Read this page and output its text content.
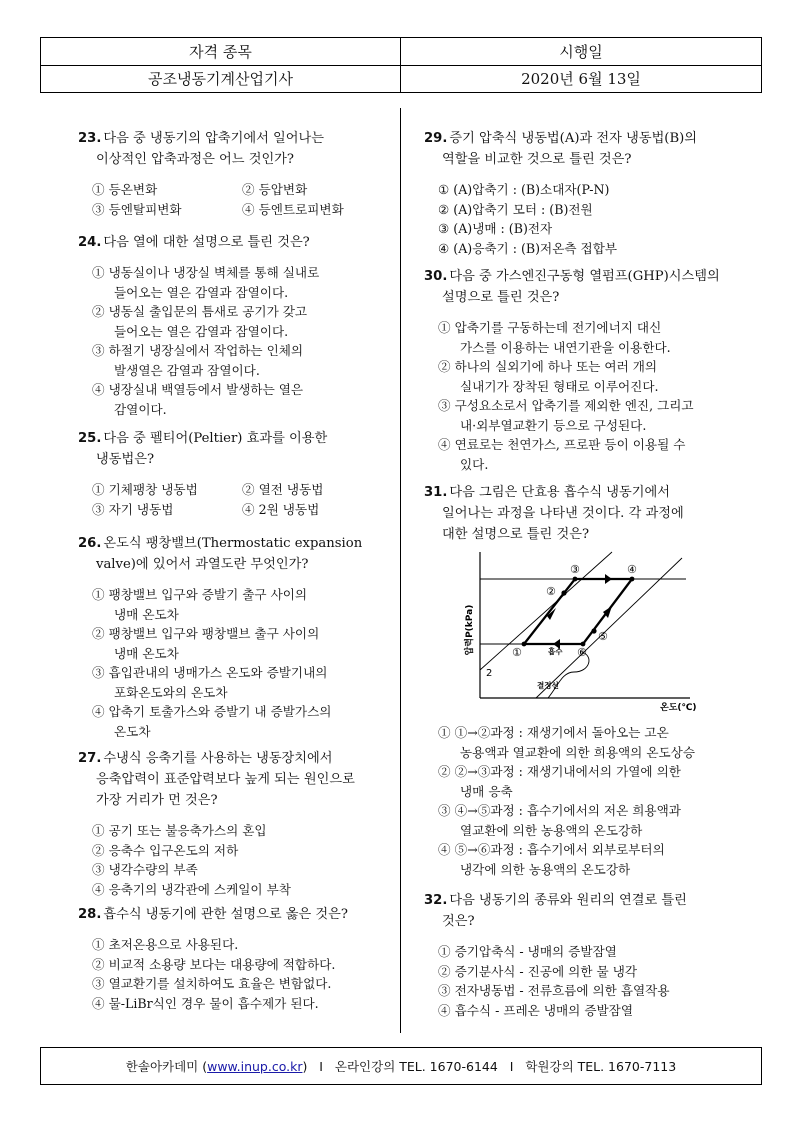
자격 종목	시행일
공조냉동기계산업기사	2020년 6월 13일
23. 다음 중 냉동기의 압축기에서 일어나는
이상적인 압축과정은 어느 것인가?
① 등온변화	② 등압변화
③ 등엔탈피변화	④ 등엔트로피변화
24. 다음 열에 대한 설명으로 틀린 것은?
① 냉동실이나 냉장실 벽체를 통해 실내로
들어오는 열은 감열과 잠열이다.
② 냉동실 출입문의 틈새로 공기가 갖고
들어오는 열은 감열과 잠열이다.
③ 하절기 냉장실에서 작업하는 인체의
발생열은 감열과 잠열이다.
④ 냉장실내 백열등에서 발생하는 열은
감열이다.
25. 다음 중 펠티어(Peltier) 효과를 이용한
냉동법은?
① 기체팽창 냉동법	② 열전 냉동법
③ 자기 냉동법	④ 2원 냉동법
26. 온도식 팽창밸브(Thermostatic expansion
valve)에 있어서 과열도란 무엇인가?
① 팽창밸브 입구와 증발기 출구 사이의
냉매 온도차
② 팽창밸브 입구와 팽창밸브 출구 사이의
냉매 온도차
③ 흡입관내의 냉매가스 온도와 증발기내의
포화온도와의 온도차
④ 압축기 토출가스와 증발기 내 증발가스의
온도차
27. 수냉식 응축기를 사용하는 냉동장치에서
응축압력이 표준압력보다 높게 되는 원인으로
가장 거리가 먼 것은?
① 공기 또는 불응축가스의 혼입
② 응축수 입구온도의 저하
③ 냉각수량의 부족
④ 응축기의 냉각관에 스케일이 부착
28. 흡수식 냉동기에 관한 설명으로 옳은 것은?
① 초저온용으로 사용된다.
② 비교적 소용량 보다는 대용량에 적합하다.
③ 열교환기를 설치하여도 효율은 변함없다.
④ 물-LiBr식인 경우 물이 흡수제가 된다.
29. 증기 압축식 냉동법(A)과 전자 냉동법(B)의
역할을 비교한 것으로 틀린 것은?
① (A)압축기 : (B)소대자(P-N)
② (A)압축기 모터 : (B)전원
③ (A)냉매 : (B)전자
④ (A)응축기 : (B)저온측 접합부
30. 다음 중 가스엔진구동형 열펌프(GHP)시스템의
설명으로 틀린 것은?
① 압축기를 구동하는데 전기에너지 대신
가스를 이용하는 내연기관을 이용한다.
② 하나의 실외기에 하나 또는 여러 개의
실내기가 장착된 형태로 이루어진다.
③ 구성요소로서 압축기를 제외한 엔진, 그리고
내·외부열교환기 등으로 구성된다.
④ 연료로는 천연가스, 프로판 등이 이용될 수
있다.
31. 다음 그림은 단효용 흡수식 냉동기에서
일어나는 과정을 나타낸 것이다. 각 과정에
대한 설명으로 틀린 것은?
압력P(kPa)	①
②
③	④
⑤
⑥
흡수
2
결정선
온도(℃)
① ①→②과정 : 재생기에서 돌아오는 고온
농용액과 열교환에 의한 희용액의 온도상승
② ②→③과정 : 재생기내에서의 가열에 의한
냉매 응축
③ ④→⑤과정 : 흡수기에서의 저온 희용액과
열교환에 의한 농용액의 온도강하
④ ⑤→⑥과정 : 흡수기에서 외부로부터의
냉각에 의한 농용액의 온도강하
32. 다음 냉동기의 종류와 원리의 연결로 틀린
것은?
① 증기압축식 - 냉매의 증발잠열
② 증기분사식 - 진공에 의한 물 냉각
③ 전자냉동법 - 전류흐름에 의한 흡열작용
④ 흡수식 - 프레온 냉매의 증발잠열
한솔아카데미 ( www.inup.co.kr )   I   온라인강의 TEL. 1670-6144   I   학원강의 TEL. 1670-7113
